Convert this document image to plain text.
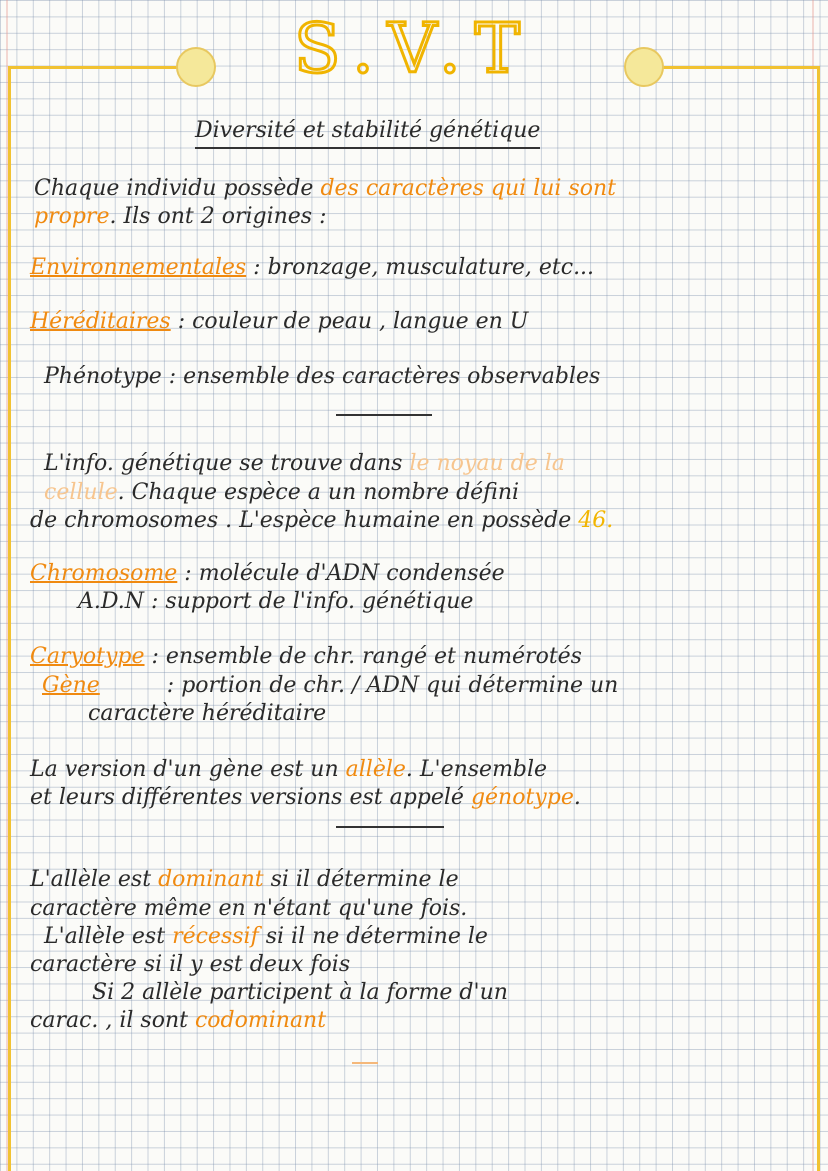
S.V.T
Diversité et stabilité génétique
Chaque individu possède des caractères qui lui sont
propre. Ils ont 2 origines :
Environnementales : bronzage, musculature, etc...
Héréditaires : couleur de peau , langue en U
Phénotype : ensemble des caractères observables
L'info. génétique se trouve dans le noyau de la
cellule. Chaque espèce a un nombre défini
de chromosomes . L'espèce humaine en possède 46.
Chromosome : molécule d'ADN condensée
A.D.N : support de l'info. génétique
Caryotype : ensemble de chr. rangé et numérotés
Gène	: portion de chr. / ADN qui détermine un
caractère héréditaire
La version d'un gène est un allèle. L'ensemble
et leurs différentes versions est appelé génotype.
L'allèle est dominant si il détermine le
caractère même en n'étant qu'une fois.
L'allèle est récessif si il ne détermine le
caractère si il y est deux fois
Si 2 allèle participent à la forme d'un
carac. , il sont codominant
